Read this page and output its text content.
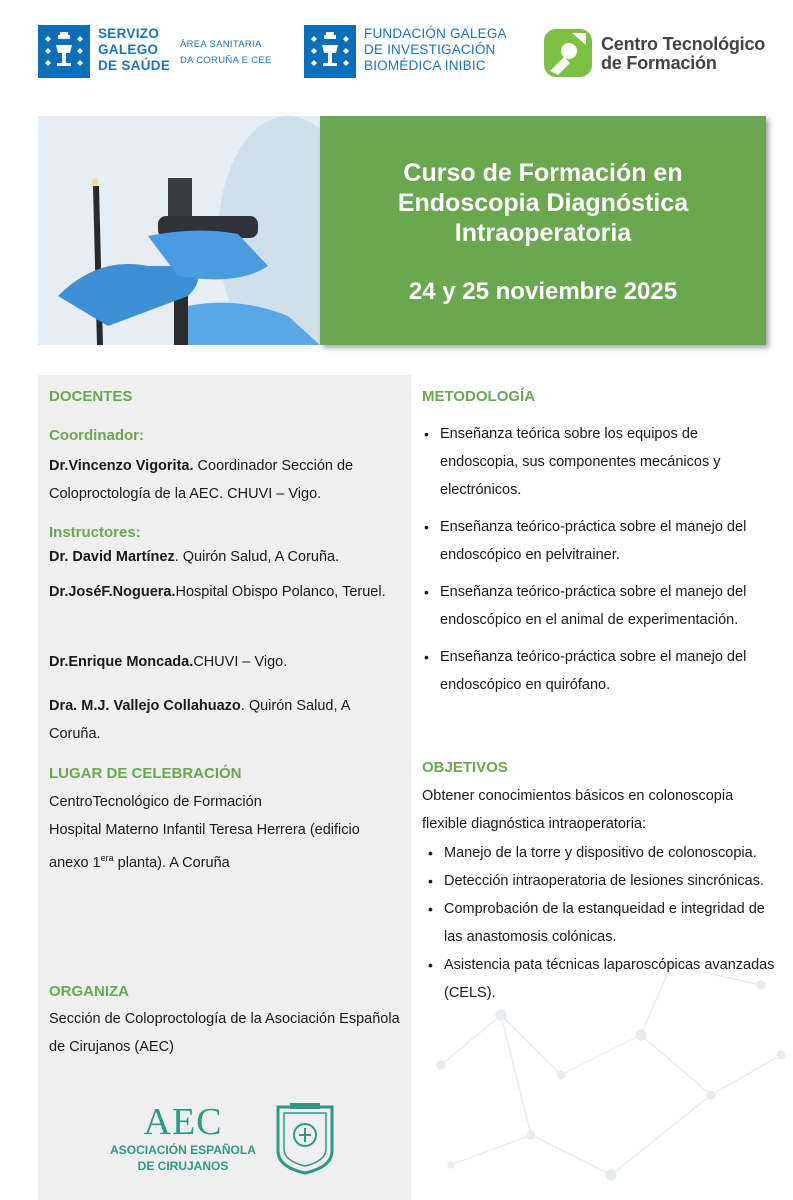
SERVIZO
GALEGO
DE SAÚDE
ÁREA SANITARIA
DA CORUÑA E CEE
FUNDACIÓN GALEGA
DE INVESTIGACIÓN
BIOMÉDICA INIBIC
Centro Tecnológico
de Formación
Curso de Formación en
Endoscopia Diagnóstica
Intraoperatoria
24 y 25 noviembre 2025
DOCENTES
Coordinador:
Dr.Vincenzo Vigorita. Coordinador Sección de Coloproctología de la AEC. CHUVI – Vigo.
Instructores:
Dr. David Martínez. Quirón Salud, A Coruña.
Dr.JoséF.Noguera.Hospital Obispo Polanco, Teruel.
Dr.Enrique Moncada.CHUVI – Vigo.
Dra. M.J. Vallejo Collahuazo. Quirón Salud, A Coruña.
LUGAR DE CELEBRACIÓN
CentroTecnológico de Formación
Hospital Materno Infantil Teresa Herrera (edificio anexo $1^{era}$ planta). A Coruña
ORGANIZA
Sección de Coloproctología de la Asociación Española de Cirujanos (AEC)
AEC
ASOCIACIÓN ESPAÑOLA
DE CIRUJANOS
METODOLOGÍA
• Enseñanza teórica sobre los equipos de endoscopia, sus componentes mecánicos y electrónicos.
• Enseñanza teórico-práctica sobre el manejo del endoscópico en pelvitrainer.
• Enseñanza teórico-práctica sobre el manejo del endoscópico en el animal de experimentación.
• Enseñanza teórico-práctica sobre el manejo del endoscópico en quirófano.
OBJETIVOS
Obtener conocimientos básicos en colonoscopia flexible diagnóstica intraoperatoria:
• Manejo de la torre y dispositivo de colonoscopia.
• Detección intraoperatoria de lesiones sincrónicas.
• Comprobación de la estanqueidad e integridad de las anastomosis colónicas.
• Asistencia pata técnicas laparoscópicas avanzadas (CELS).
